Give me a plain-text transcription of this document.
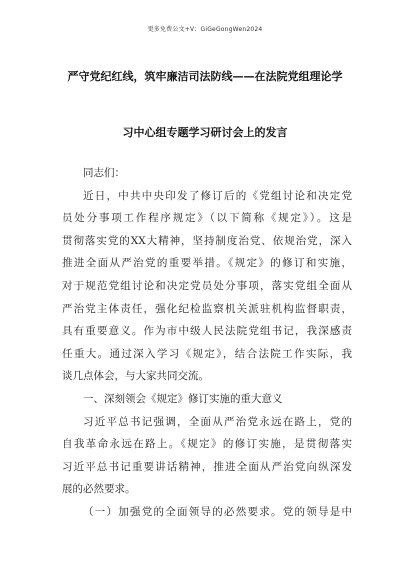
更多免费公文+V：GiGeGongWen2024
严守党纪红线，筑牢廉洁司法防线——在法院党组理论学
习中心组专题学习研讨会上的发言
同志们：
近日，中共中央印发了修订后的《党组讨论和决定党
员处分事项工作程序规定》（以下简称《规定》）。这是
贯彻落实党的XX大精神，坚持制度治党、依规治党，深入
推进全面从严治党的重要举措。《规定》的修订和实施，
对于规范党组讨论和决定党员处分事项，落实党组全面从
严治党主体责任，强化纪检监察机关派驻机构监督职责，
具有重要意义。作为市中级人民法院党组书记，我深感责
任重大。通过深入学习《规定》，结合法院工作实际，我
谈几点体会，与大家共同交流。
一、深刻领会《规定》修订实施的重大意义
习近平总书记强调，全面从严治党永远在路上，党的
自我革命永远在路上。《规定》的修订实施，是贯彻落实
习近平总书记重要讲话精神，推进全面从严治党向纵深发
展的必然要求。
（一）加强党的全面领导的必然要求。党的领导是中
